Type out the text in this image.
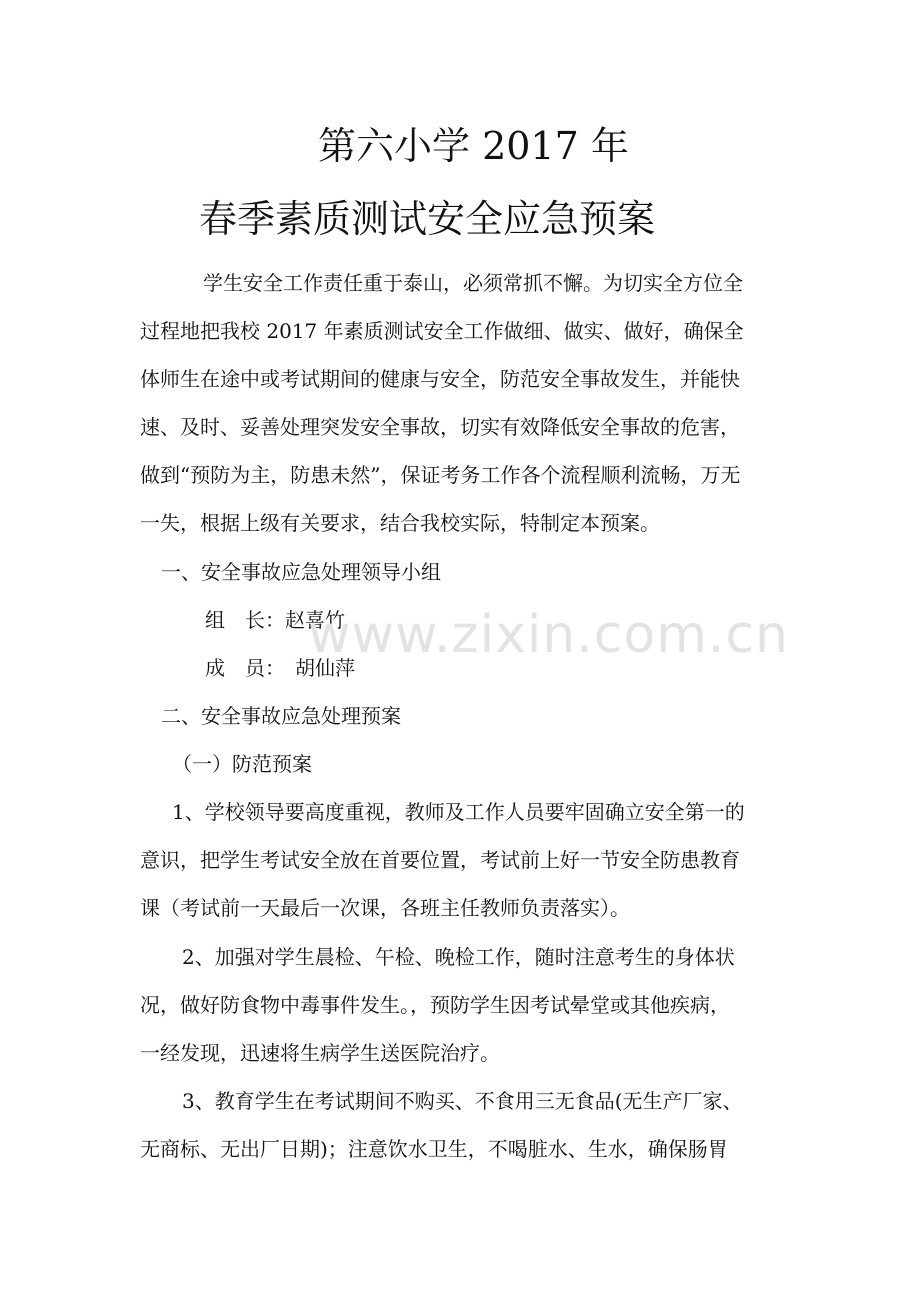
第六小学 2017 年
春季素质测试安全应急预案
学生安全工作责任重于泰山，必须常抓不懈。为切实全方位全
过程地把我校 2017 年素质测试安全工作做细、做实、做好，确保全
体师生在途中或考试期间的健康与安全，防范安全事故发生，并能快
速、及时、妥善处理突发安全事故，切实有效降低安全事故的危害，
做到“预防为主，防患未然”，保证考务工作各个流程顺利流畅，万无
一失，根据上级有关要求，结合我校实际，特制定本预案。
一、安全事故应急处理领导小组
组　长：赵喜竹
成　员：　胡仙萍
二、安全事故应急处理预案
（一）防范预案
1、学校领导要高度重视，教师及工作人员要牢固确立安全第一的
意识，把学生考试安全放在首要位置，考试前上好一节安全防患教育
课（考试前一天最后一次课，各班主任教师负责落实）。
2、加强对学生晨检、午检、晚检工作，随时注意考生的身体状
况，做好防食物中毒事件发生。，预防学生因考试晕堂或其他疾病，
一经发现，迅速将生病学生送医院治疗。
3、教育学生在考试期间不购买、不食用三无食品(无生产厂家、
无商标、无出厂日期)；注意饮水卫生，不喝脏水、生水，确保肠胃
www.zixin.com.cn
